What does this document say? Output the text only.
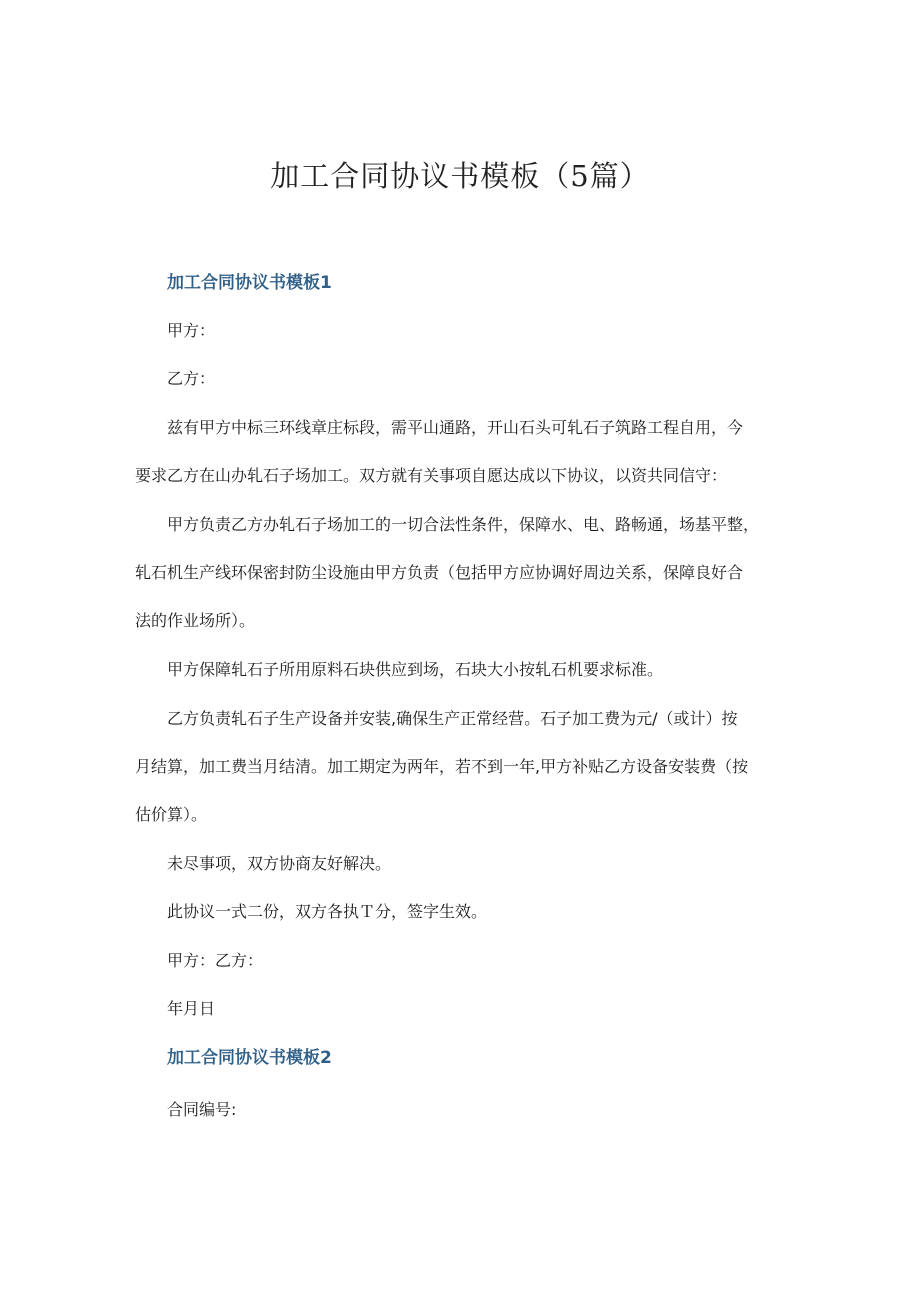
加工合同协议书模板（5篇）
加工合同协议书模板1

甲方：

乙方：

兹有甲方中标三环线章庄标段，需平山通路，开山石头可轧石子筑路工程自用，今

要求乙方在山办轧石子场加工。双方就有关事项自愿达成以下协议，以资共同信守：

甲方负责乙方办轧石子场加工的一切合法性条件，保障水、电、路畅通，场基平整，

轧石机生产线环保密封防尘设施由甲方负责（包括甲方应协调好周边关系，保障良好合

法的作业场所）。

甲方保障轧石子所用原料石块供应到场，石块大小按轧石机要求标准。

乙方负责轧石子生产设备并安装,确保生产正常经营。石子加工费为元/（或计）按

月结算，加工费当月结清。加工期定为两年，若不到一年,甲方补贴乙方设备安装费（按

估价算）。

未尽事项，双方协商友好解决。

此协议一式二份，双方各执Ｔ分，签字生效。

甲方：乙方：

年月日

加工合同协议书模板2

合同编号:
